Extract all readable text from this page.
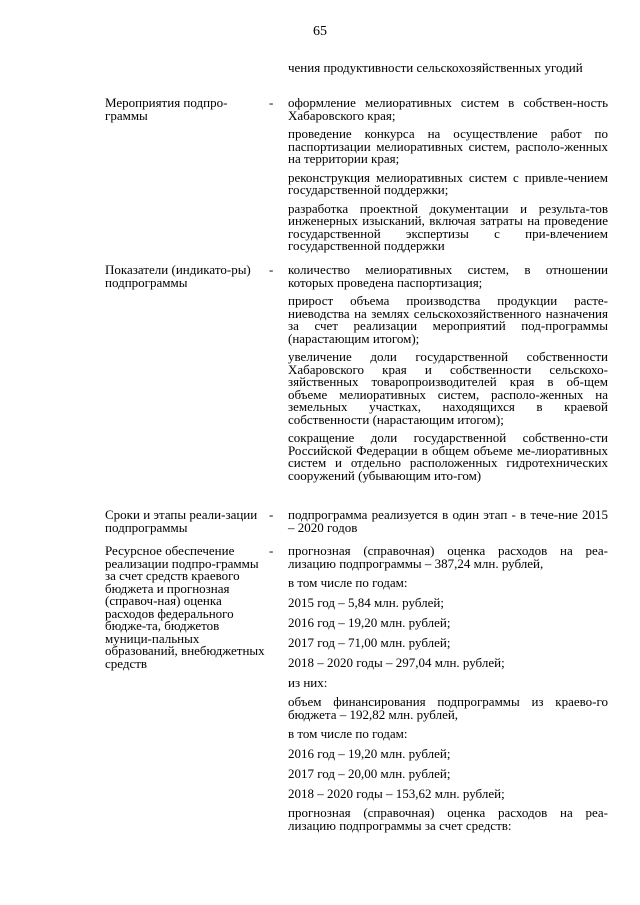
65

чения продуктивности сельскохозяйственных угодий

Мероприятия подпро-граммы
- оформление мелиоративных систем в собствен-ность Хабаровского края;

проведение конкурса на осуществление работ по паспортизации мелиоративных систем, располо-женных на территории края;

реконструкция мелиоративных систем с привле-чением государственной поддержки;

разработка проектной документации и результа-тов инженерных изысканий, включая затраты на проведение государственной экспертизы с при-влечением государственной поддержки

Показатели (индикато-ры) подпрограммы
- количество мелиоративных систем, в отношении которых проведена паспортизация;

прирост объема производства продукции расте-ниеводства на землях сельскохозяйственного назначения за счет реализации мероприятий под-программы (нарастающим итогом);

увеличение доли государственной собственности Хабаровского края и собственности сельскохо-зяйственных товаропроизводителей края в об-щем объеме мелиоративных систем, располо-женных на земельных участках, находящихся в краевой собственности (нарастающим итогом);

сокращение доли государственной собственно-сти Российской Федерации в общем объеме ме-лиоративных систем и отдельно расположенных гидротехнических сооружений (убывающим ито-гом)

Сроки и этапы реали-зации подпрограммы
- подпрограмма реализуется в один этап - в тече-ние 2015 – 2020 годов

Ресурсное обеспечение реализации подпро-граммы за счет средств краевого бюджета и прогнозная (справоч-ная) оценка расходов федерального бюдже-та, бюджетов муници-пальных образований, внебюджетных средств
- прогнозная (справочная) оценка расходов на реа-лизацию подпрограммы – 387,24 млн. рублей,

в том числе по годам:

2015 год – 5,84 млн. рублей;

2016 год – 19,20 млн. рублей;

2017 год – 71,00 млн. рублей;

2018 – 2020 годы – 297,04 млн. рублей;

из них:

объем финансирования подпрограммы из краево-го бюджета – 192,82 млн. рублей,

в том числе по годам:

2016 год – 19,20 млн. рублей;

2017 год – 20,00 млн. рублей;

2018 – 2020 годы – 153,62 млн. рублей;

прогнозная (справочная) оценка расходов на реа-лизацию подпрограммы за счет средств:
